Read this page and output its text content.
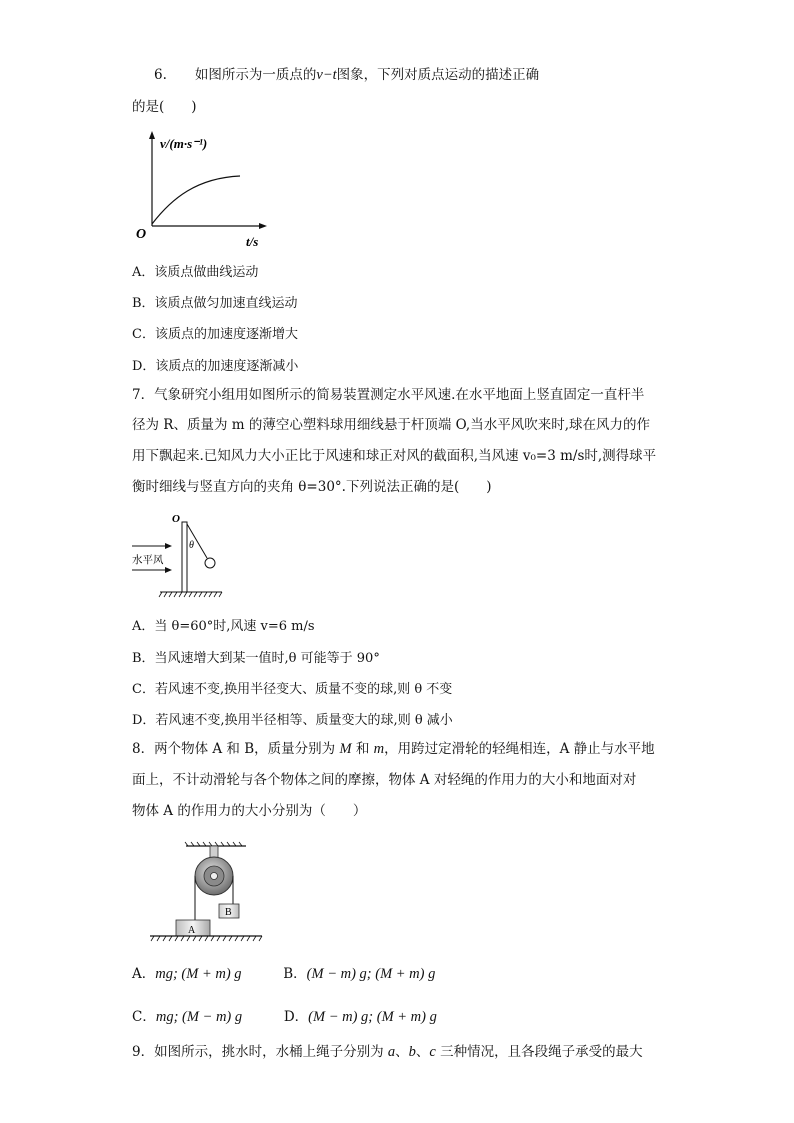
6. 如图所示为一质点的v−t图象，下列对质点运动的描述正确
的是(　　)
v/(m·s⁻¹)
O	t/s
A．该质点做曲线运动
B．该质点做匀加速直线运动
C．该质点的加速度逐渐增大
D．该质点的加速度逐渐减小
7．气象研究小组用如图所示的简易装置测定水平风速.在水平地面上竖直固定一直杆半
径为 R、质量为 m 的薄空心塑料球用细线悬于杆顶端 O,当水平风吹来时,球在风力的作
用下飘起来.已知风力大小正比于风速和球正对风的截面积,当风速 v₀=3 m/s时,测得球平
衡时细线与竖直方向的夹角 θ=30°.下列说法正确的是(　　)
O
θ
水平风
A．当 θ=60°时,风速 v=6 m/s
B．当风速增大到某一值时,θ 可能等于 90°
C．若风速不变,换用半径变大、质量不变的球,则 θ 不变
D．若风速不变,换用半径相等、质量变大的球,则 θ 减小
8．两个物体 A 和 B，质量分别为 M 和 m，用跨过定滑轮的轻绳相连，A 静止与水平地
面上，不计动滑轮与各个物体之间的摩擦，物体 A 对轻绳的作用力的大小和地面对对
物体 A 的作用力的大小分别为（　　）
A
B
A．mg; (M + m) g	B．(M − m) g; (M + m) g
C．mg; (M − m) g	D．(M − m) g; (M + m) g
9．如图所示，挑水时，水桶上绳子分别为 a、b、c 三种情况，且各段绳子承受的最大
